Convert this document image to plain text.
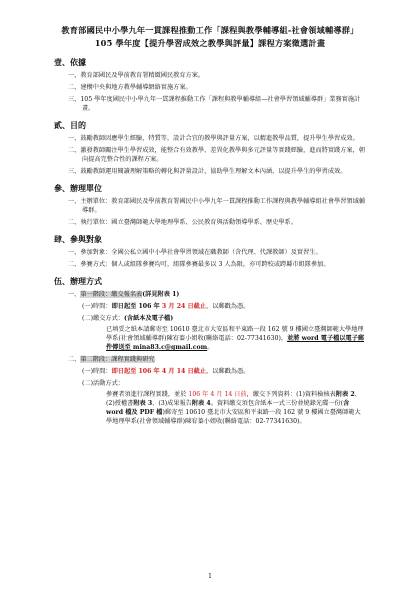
教育部國民中小學九年一貫課程推動工作「課程與教學輔導組-社會領域輔導群」
105 學年度【提升學習成效之教學與評量】課程方案徵選計畫
壹、依據
一、教育部國民及學前教育署精緻國民教育方案。
二、建構中央與地方教學輔導網絡實施方案。
三、105 學年度國民中小學九年一貫課程推動工作「課程與教學輔導組—社會學習領域輔導群」業務實施計畫。
貳、目的
一、鼓勵教師因應學生經驗、特質等，設計合宜的教學與評量方案，以精進教學品質，提升學生學習成效。
二、激發教師關注學生學習成效，能整合有效教學、差異化教學與多元評量等實踐經驗，進而將實踐方案，朝向提高完整合性的課程方案。
三、鼓勵教師運用閱讀理解策略的轉化與評量設計，協助學生理解文本內涵，以提升學生的學習成效。
參、辦理單位
一、主辦單位：教育部國民及學前教育署國民中小學九年一貫課程推動工作課程與教學輔導組社會學習領域輔導群。
二、執行單位：國立臺灣師範大學地理學系、公民教育與活動領導學系、歷史學系。
肆、參與對象
一、參加對象：全國公私立國中小學社會學習領域在職教師（含代理、代課教師）及實習生。
二、參賽方式：個人或組隊參賽均可，組隊參賽最多以 3 人為限，亦可跨校或跨縣市組隊參加。
伍、辦理方式
一、第一階段：繳交報名表(詳見附表 1)
(一)時間：即日起至 106 年 3 月 24 日截止，以郵戳為憑。
(二)繳交方式：(含紙本及電子檔)
已填妥之紙本請郵寄至 10610 臺北市大安區和平東路一段 162 號 9 樓國立臺灣師範大學地理學系(社會領域輔導群)陳宥蓁小姐收(聯絡電話：02-77341630)，並將 word 電子檔以電子郵件傳送至 mina83.c@gmail.com。
二、第二階段：課程實踐與研究
(一)時間：即日起至 106 年 4 月 14 日截止，以郵戳為憑。
(二)活動方式：
參賽者須進行課程實踐，並於 106 年 4 月 14 日前，繳交下列資料：(1)資料檢核表附表 2、(2)授權書附表 3、(3)成果報告附表 4。資料繳交須包含紙本一式三份並燒錄光碟一份(含 word 檔及 PDF 檔)郵寄至 10610 臺北市大安區和平東路一段 162 號 9 樓國立臺灣師範大學地理學系(社會領域輔導群)陳宥蓁小姐收(聯絡電話：02-77341630)。
1
